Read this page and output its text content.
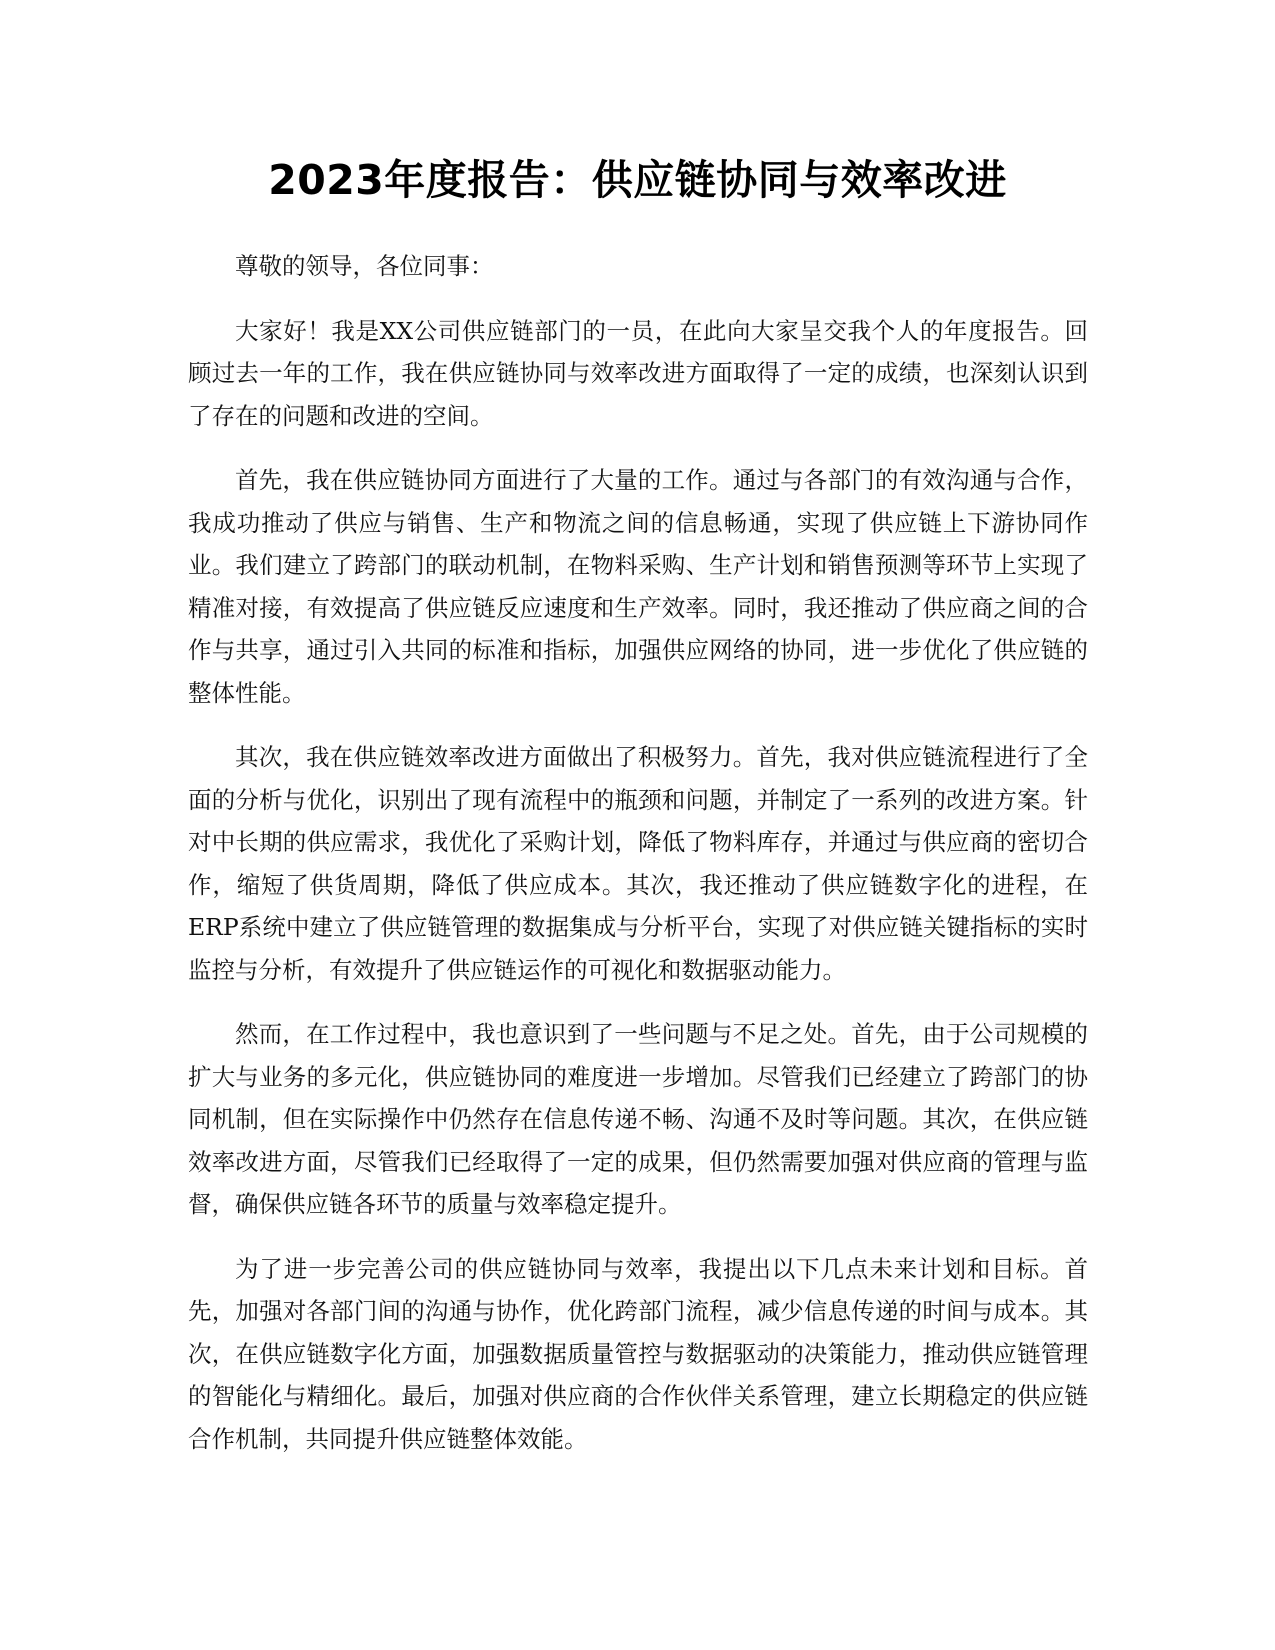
2023年度报告：供应链协同与效率改进

尊敬的领导，各位同事：

大家好！我是XX公司供应链部门的一员，在此向大家呈交我个人的年度报告。回顾过去一年的工作，我在供应链协同与效率改进方面取得了一定的成绩，也深刻认识到了存在的问题和改进的空间。

首先，我在供应链协同方面进行了大量的工作。通过与各部门的有效沟通与合作，我成功推动了供应与销售、生产和物流之间的信息畅通，实现了供应链上下游协同作业。我们建立了跨部门的联动机制，在物料采购、生产计划和销售预测等环节上实现了精准对接，有效提高了供应链反应速度和生产效率。同时，我还推动了供应商之间的合作与共享，通过引入共同的标准和指标，加强供应网络的协同，进一步优化了供应链的整体性能。

其次，我在供应链效率改进方面做出了积极努力。首先，我对供应链流程进行了全面的分析与优化，识别出了现有流程中的瓶颈和问题，并制定了一系列的改进方案。针对中长期的供应需求，我优化了采购计划，降低了物料库存，并通过与供应商的密切合作，缩短了供货周期，降低了供应成本。其次，我还推动了供应链数字化的进程，在ERP系统中建立了供应链管理的数据集成与分析平台，实现了对供应链关键指标的实时监控与分析，有效提升了供应链运作的可视化和数据驱动能力。

然而，在工作过程中，我也意识到了一些问题与不足之处。首先，由于公司规模的扩大与业务的多元化，供应链协同的难度进一步增加。尽管我们已经建立了跨部门的协同机制，但在实际操作中仍然存在信息传递不畅、沟通不及时等问题。其次，在供应链效率改进方面，尽管我们已经取得了一定的成果，但仍然需要加强对供应商的管理与监督，确保供应链各环节的质量与效率稳定提升。

为了进一步完善公司的供应链协同与效率，我提出以下几点未来计划和目标。首先，加强对各部门间的沟通与协作，优化跨部门流程，减少信息传递的时间与成本。其次，在供应链数字化方面，加强数据质量管控与数据驱动的决策能力，推动供应链管理的智能化与精细化。最后，加强对供应商的合作伙伴关系管理，建立长期稳定的供应链合作机制，共同提升供应链整体效能。
